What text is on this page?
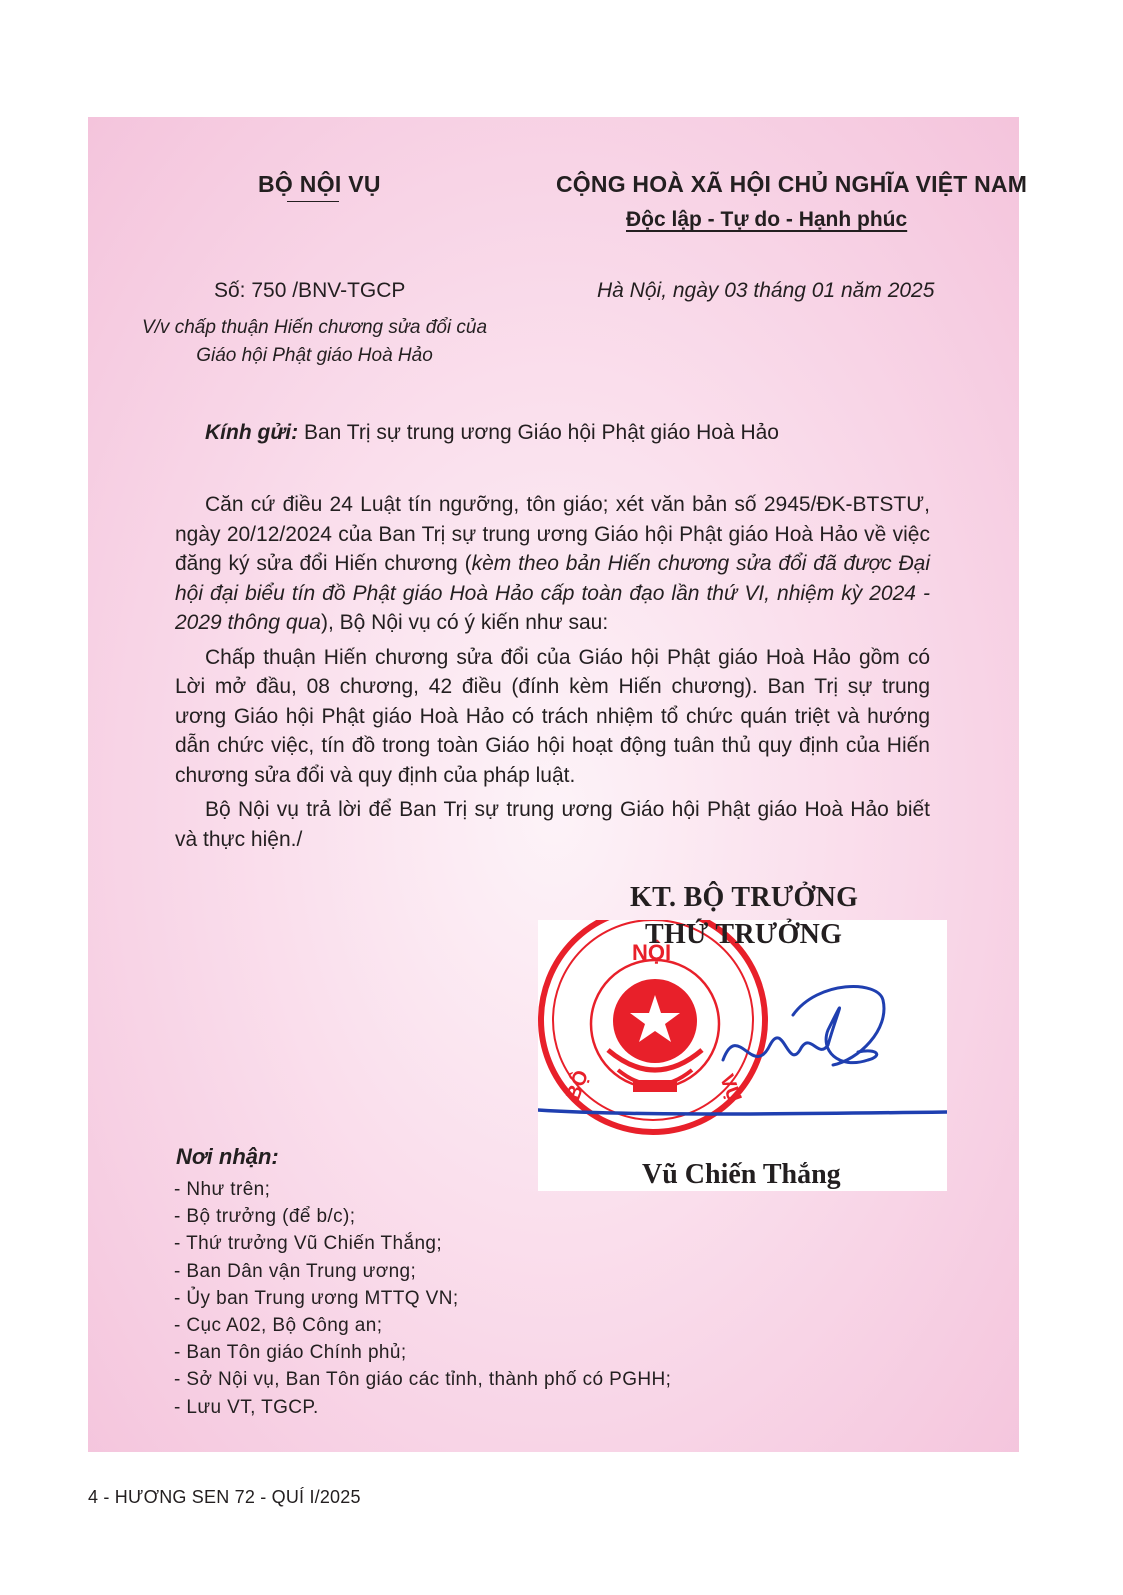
BỘ NỘI VỤ	CỘNG HOÀ XÃ HỘI CHỦ NGHĨA VIỆT NAM
Độc lập - Tự do - Hạnh phúc
Số: 750 /BNV-TGCP	Hà Nội, ngày 03 tháng 01 năm 2025
V/v chấp thuận Hiến chương sửa đổi của Giáo hội Phật giáo Hoà Hảo
Kính gửi: Ban Trị sự trung ương Giáo hội Phật giáo Hoà Hảo

Căn cứ điều 24 Luật tín ngưỡng, tôn giáo; xét văn bản số 2945/ĐK-BTSTƯ, ngày 20/12/2024 của Ban Trị sự trung ương Giáo hội Phật giáo Hoà Hảo về việc đăng ký sửa đổi Hiến chương (kèm theo bản Hiến chương sửa đổi đã được Đại hội đại biểu tín đồ Phật giáo Hoà Hảo cấp toàn đạo lần thứ VI, nhiệm kỳ 2024 - 2029 thông qua), Bộ Nội vụ có ý kiến như sau:

Chấp thuận Hiến chương sửa đổi của Giáo hội Phật giáo Hoà Hảo gồm có Lời mở đầu, 08 chương, 42 điều (đính kèm Hiến chương). Ban Trị sự trung ương Giáo hội Phật giáo Hoà Hảo có trách nhiệm tổ chức quán triệt và hướng dẫn chức việc, tín đồ trong toàn Giáo hội hoạt động tuân thủ quy định của Hiến chương sửa đổi và quy định của pháp luật.

Bộ Nội vụ trả lời để Ban Trị sự trung ương Giáo hội Phật giáo Hoà Hảo biết và thực hiện./

NỘI
BỘ	VỤ
KT. BỘ TRƯỞNG
THỨ TRƯỞNG
Vũ Chiến Thắng
Nơi nhận:
- Như trên;
- Bộ trưởng (để b/c);
- Thứ trưởng Vũ Chiến Thắng;
- Ban Dân vận Trung ương;
- Ủy ban Trung ương MTTQ VN;
- Cục A02, Bộ Công an;
- Ban Tôn giáo Chính phủ;
- Sở Nội vụ, Ban Tôn giáo các tỉnh, thành phố có PGHH;
- Lưu VT, TGCP.
4 - HƯƠNG SEN 72 - QUÍ I/2025
